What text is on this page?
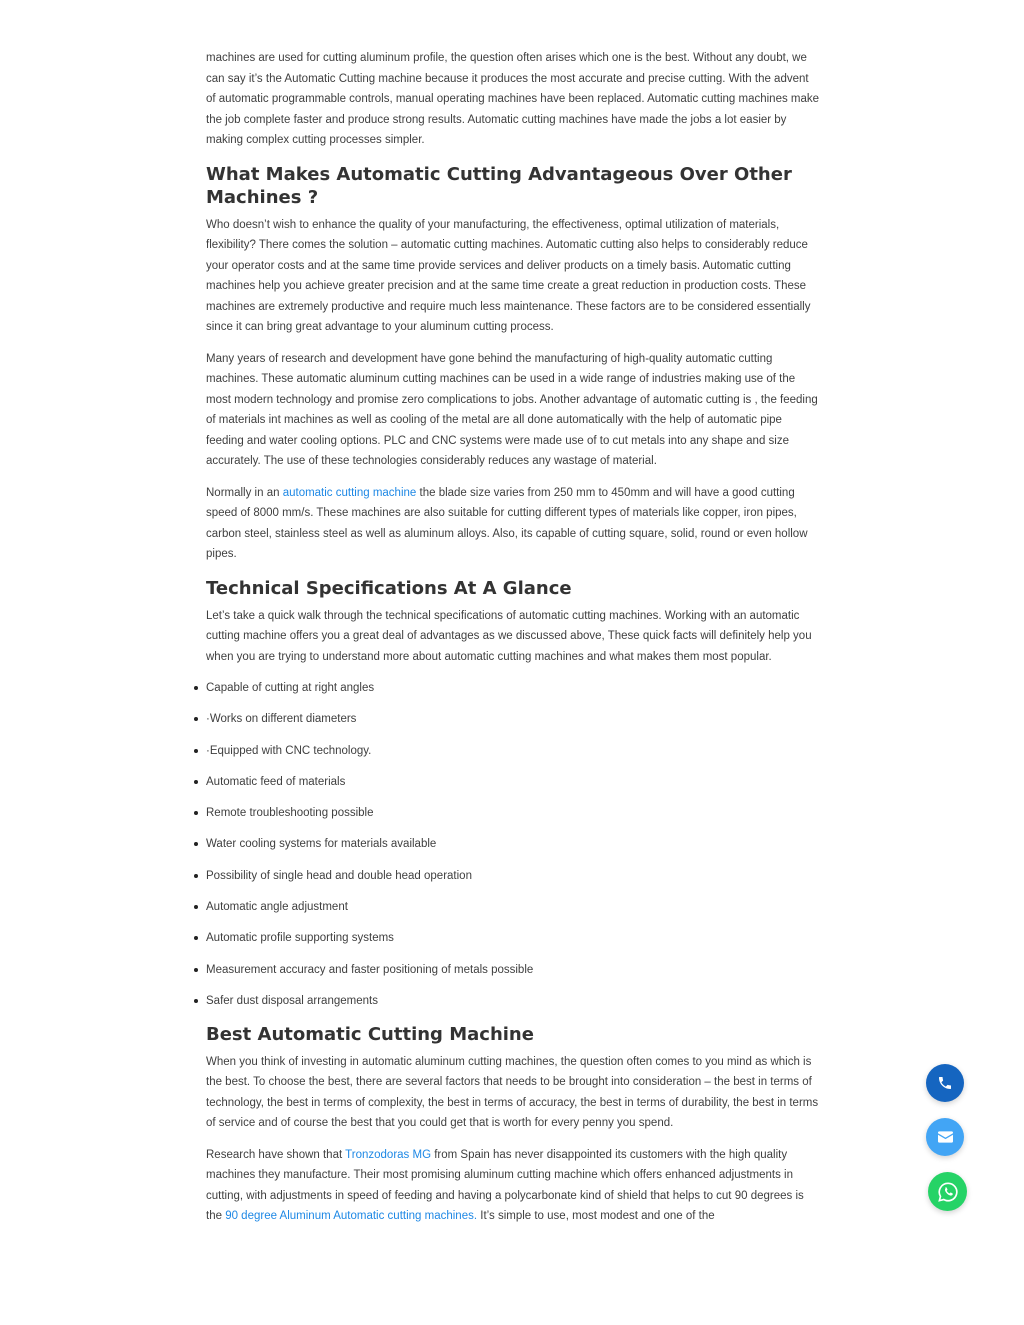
machines are used for cutting aluminum profile, the question often arises which one is the best. Without any doubt, we can say it’s the Automatic Cutting machine because it produces the most accurate and precise cutting. With the advent of automatic programmable controls, manual operating machines have been replaced. Automatic cutting machines make the job complete faster and produce strong results. Automatic cutting machines have made the jobs a lot easier by making complex cutting processes simpler.

What Makes Automatic Cutting Advantageous Over Other Machines ?

Who doesn’t wish to enhance the quality of your manufacturing, the effectiveness, optimal utilization of materials, flexibility? There comes the solution – automatic cutting machines. Automatic cutting also helps to considerably reduce your operator costs and at the same time provide services and deliver products on a timely basis. Automatic cutting machines help you achieve greater precision and at the same time create a great reduction in production costs. These machines are extremely productive and require much less maintenance. These factors are to be considered essentially since it can bring great advantage to your aluminum cutting process.

Many years of research and development have gone behind the manufacturing of high-quality automatic cutting machines. These automatic aluminum cutting machines can be used in a wide range of industries making use of the most modern technology and promise zero complications to jobs. Another advantage of automatic cutting is , the feeding of materials int machines as well as cooling of the metal are all done automatically with the help of automatic pipe feeding and water cooling options. PLC and CNC systems were made use of to cut metals into any shape and size accurately. The use of these technologies considerably reduces any wastage of material.

Normally in an automatic cutting machine the blade size varies from 250 mm to 450mm and will have a good cutting speed of 8000 mm/s. These machines are also suitable for cutting different types of materials like copper, iron pipes, carbon steel, stainless steel as well as aluminum alloys. Also, its capable of cutting square, solid, round or even hollow pipes.

Technical Specifications At A Glance

Let’s take a quick walk through the technical specifications of automatic cutting machines. Working with an automatic cutting machine offers you a great deal of advantages as we discussed above, These quick facts will definitely help you when you are trying to understand more about automatic cutting machines and what makes them most popular.

Capable of cutting at right angles
·Works on different diameters
·Equipped with CNC technology.
Automatic feed of materials
Remote troubleshooting possible
Water cooling systems for materials available
Possibility of single head and double head operation
Automatic angle adjustment
Automatic profile supporting systems
Measurement accuracy and faster positioning of metals possible
Safer dust disposal arrangements
Best Automatic Cutting Machine

When you think of investing in automatic aluminum cutting machines, the question often comes to you mind as which is the best. To choose the best, there are several factors that needs to be brought into consideration – the best in terms of technology, the best in terms of complexity, the best in terms of accuracy, the best in terms of durability, the best in terms of service and of course the best that you could get that is worth for every penny you spend.

Research have shown that Tronzodoras MG from Spain has never disappointed its customers with the high quality machines they manufacture. Their most promising aluminum cutting machine which offers enhanced adjustments in cutting, with adjustments in speed of feeding and having a polycarbonate kind of shield that helps to cut 90 degrees is the 90 degree Aluminum Automatic cutting machines. It’s simple to use, most modest and one of the
